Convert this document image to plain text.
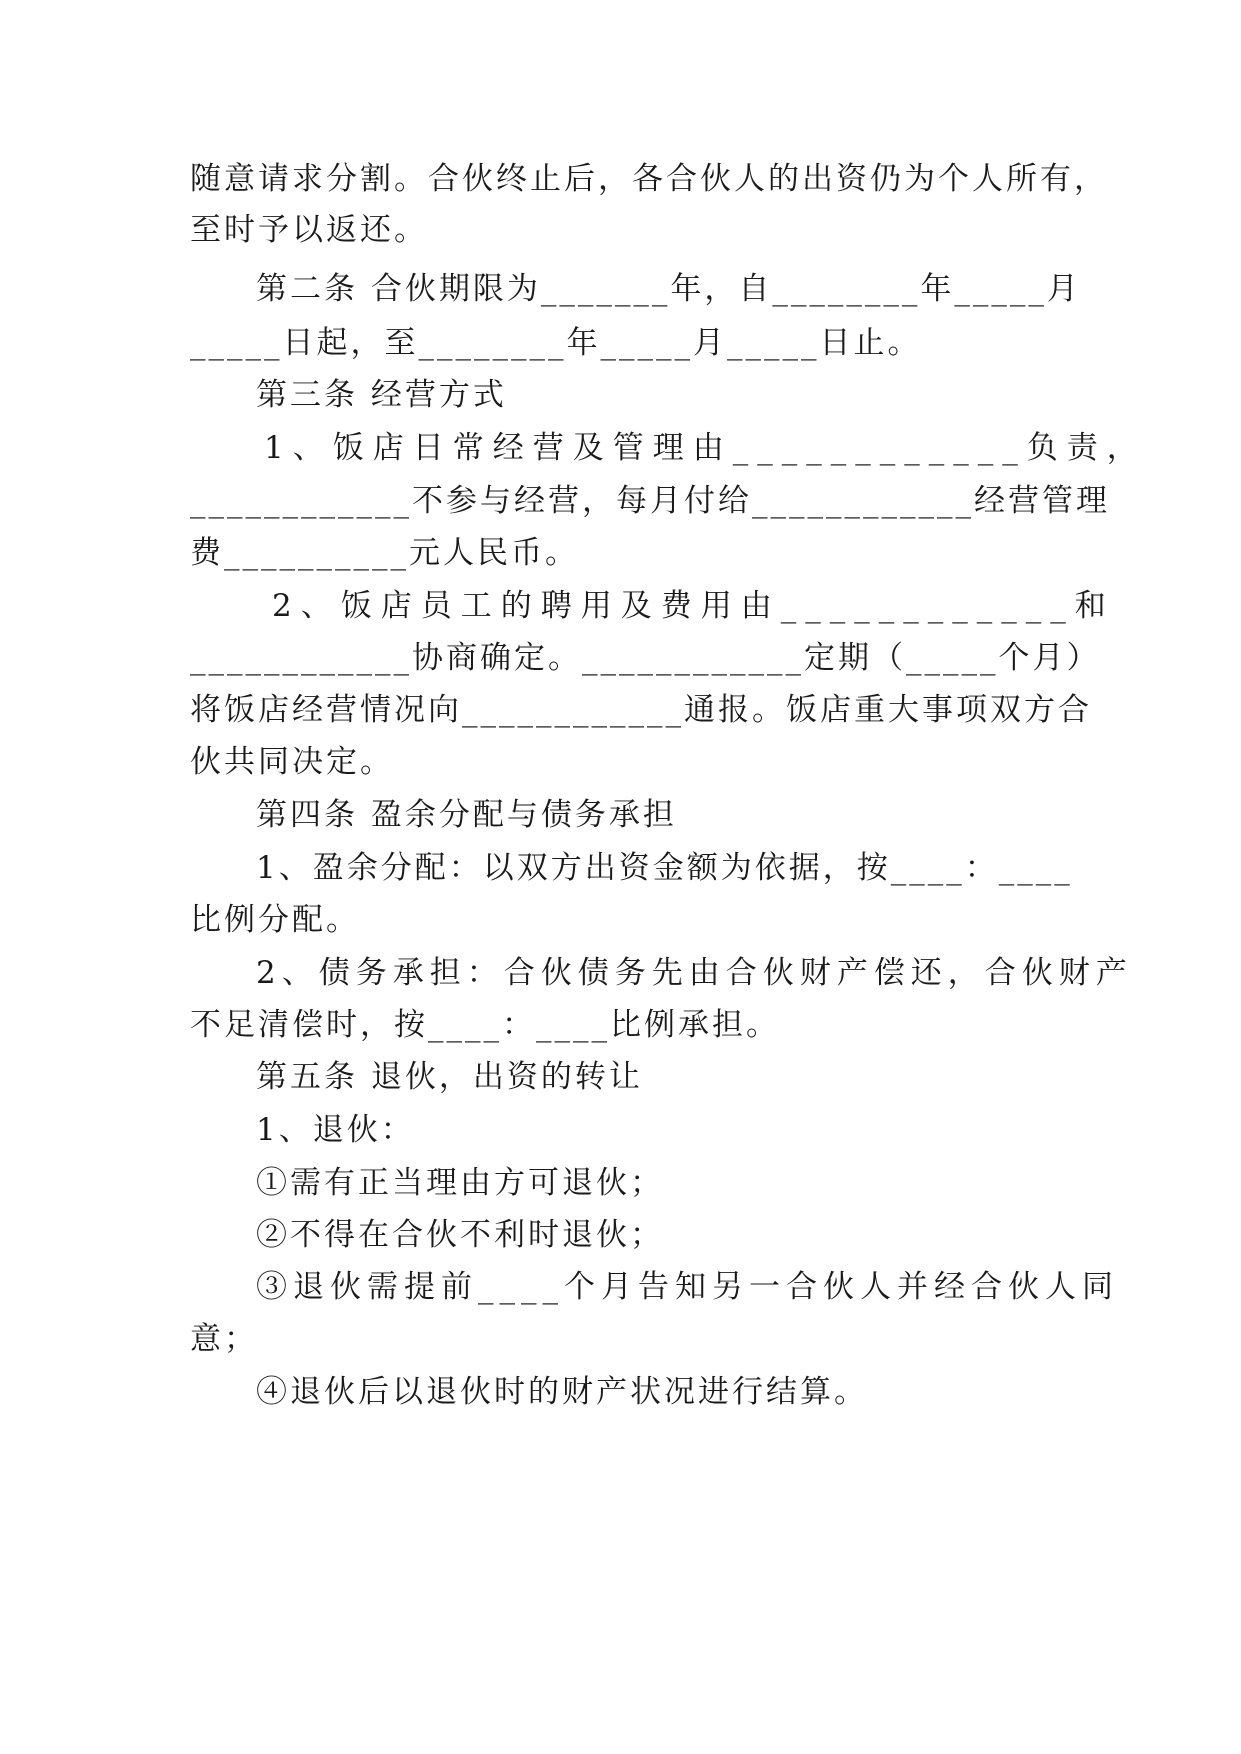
随意请求分割。合伙终止后，各合伙人的出资仍为个人所有，

至时予以返还。

第二条 合伙期限为_______年，自________年_____月

_____日起，至________年_____月_____日止。

第三条 经营方式

1、饭店日常经营及管理由____________负责，

____________不参与经营，每月付给____________经营管理

费__________元人民币。

2、饭店员工的聘用及费用由____________和

____________协商确定。____________定期（_____个月）

将饭店经营情况向____________通报。饭店重大事项双方合

伙共同决定。

第四条 盈余分配与债务承担

1、盈余分配：以双方出资金额为依据，按____：____

比例分配。

2、债务承担：合伙债务先由合伙财产偿还，合伙财产

不足清偿时，按____：____比例承担。

第五条 退伙，出资的转让

1、退伙：

①需有正当理由方可退伙；

②不得在合伙不利时退伙；

③退伙需提前____个月告知另一合伙人并经合伙人同

意；

④退伙后以退伙时的财产状况进行结算。
